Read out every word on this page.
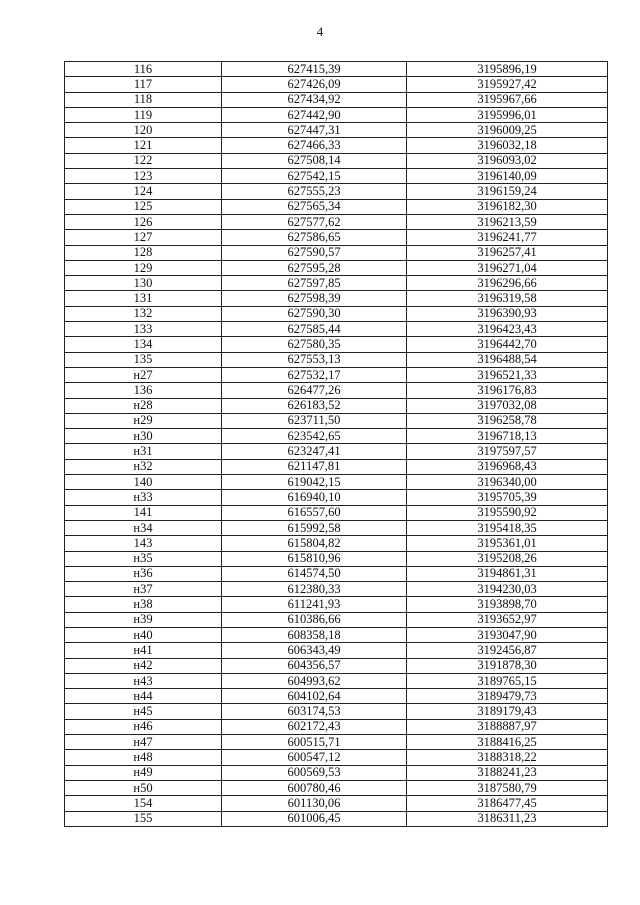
4
116	627415,39	3195896,19
117	627426,09	3195927,42
118	627434,92	3195967,66
119	627442,90	3195996,01
120	627447,31	3196009,25
121	627466,33	3196032,18
122	627508,14	3196093,02
123	627542,15	3196140,09
124	627555,23	3196159,24
125	627565,34	3196182,30
126	627577,62	3196213,59
127	627586,65	3196241,77
128	627590,57	3196257,41
129	627595,28	3196271,04
130	627597,85	3196296,66
131	627598,39	3196319,58
132	627590,30	3196390,93
133	627585,44	3196423,43
134	627580,35	3196442,70
135	627553,13	3196488,54
н27	627532,17	3196521,33
136	626477,26	3196176,83
н28	626183,52	3197032,08
н29	623711,50	3196258,78
н30	623542,65	3196718,13
н31	623247,41	3197597,57
н32	621147,81	3196968,43
140	619042,15	3196340,00
н33	616940,10	3195705,39
141	616557,60	3195590,92
н34	615992,58	3195418,35
143	615804,82	3195361,01
н35	615810,96	3195208,26
н36	614574,50	3194861,31
н37	612380,33	3194230,03
н38	611241,93	3193898,70
н39	610386,66	3193652,97
н40	608358,18	3193047,90
н41	606343,49	3192456,87
н42	604356,57	3191878,30
н43	604993,62	3189765,15
н44	604102,64	3189479,73
н45	603174,53	3189179,43
н46	602172,43	3188887,97
н47	600515,71	3188416,25
н48	600547,12	3188318,22
н49	600569,53	3188241,23
н50	600780,46	3187580,79
154	601130,06	3186477,45
155	601006,45	3186311,23
